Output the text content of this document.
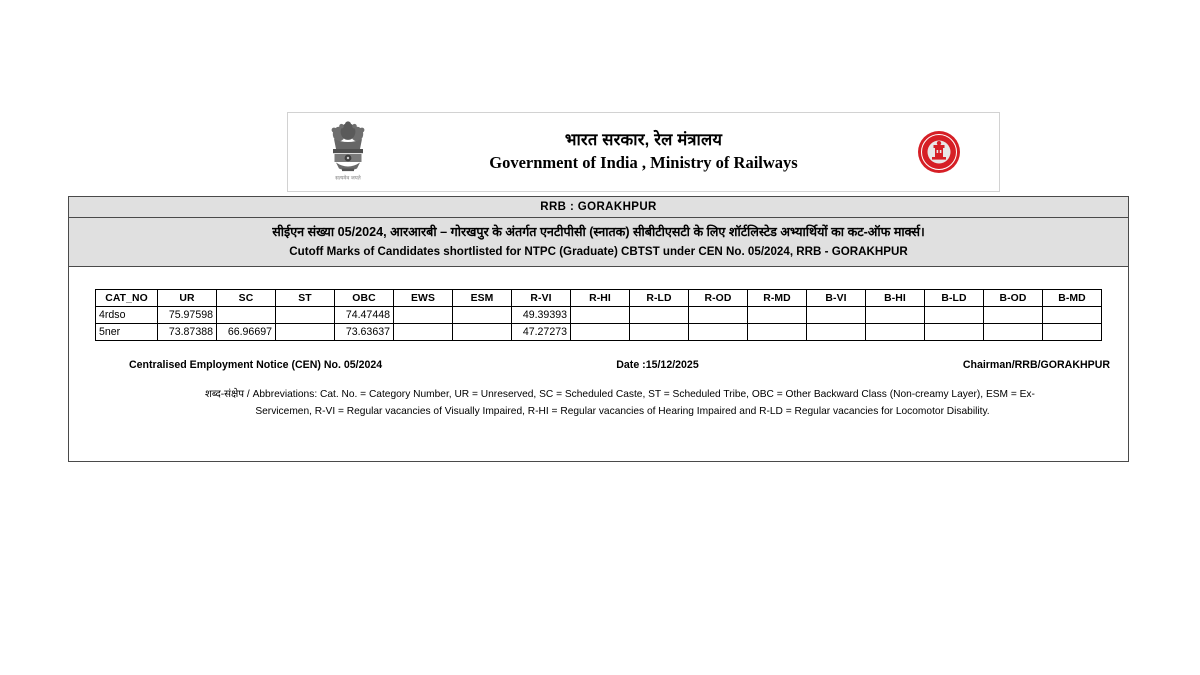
सत्यमेव जयते
भारत सरकार, रेल मंत्रालय
Government of India , Ministry of Railways
RRB : GORAKHPUR
सीईएन संख्या 05/2024, आरआरबी – गोरखपुर के अंतर्गत एनटीपीसी (स्नातक) सीबीटीएसटी के लिए शॉर्टलिस्टेड अभ्यार्थियों का कट-ऑफ मार्क्स।
Cutoff Marks of Candidates shortlisted for NTPC (Graduate) CBTST under CEN No. 05/2024, RRB - GORAKHPUR
CAT_NO	UR	SC	ST	OBC	EWS	ESM	R-VI	R-HI	R-LD	R-OD	R-MD	B-VI	B-HI	B-LD	B-OD	B-MD
4rdso	75.97598			74.47448			49.39393									
5ner	73.87388	66.96697		73.63637			47.27273									
Centralised Employment Notice (CEN) No. 05/2024	Date :15/12/2025	Chairman/RRB/GORAKHPUR
शब्द-संक्षेप / Abbreviations: Cat. No. = Category Number, UR = Unreserved, SC = Scheduled Caste, ST = Scheduled Tribe, OBC = Other Backward Class (Non-creamy Layer), ESM = Ex-
Servicemen, R-VI = Regular vacancies of Visually Impaired, R-HI = Regular vacancies of Hearing Impaired and R-LD = Regular vacancies for Locomotor Disability.
